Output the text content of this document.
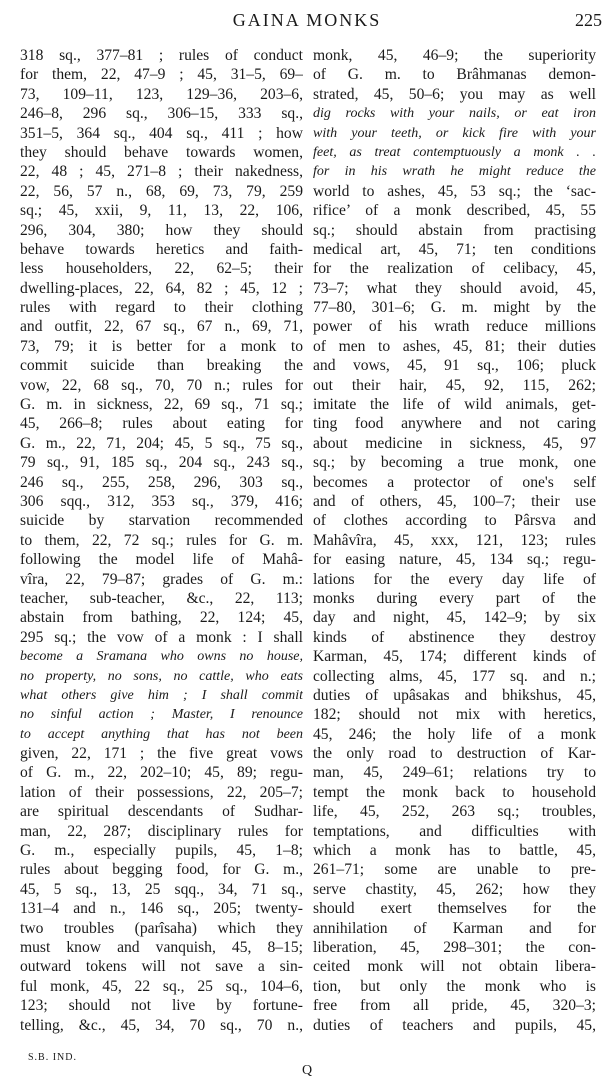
GAINA MONKS	225
318 sq., 377–81 ; rules of conduct
for them, 22, 47–9 ; 45, 31–5, 69–
73, 109–11, 123, 129–36, 203–6,
246–8, 296 sq., 306–15, 333 sq.,
351–5, 364 sq., 404 sq., 411 ; how
they should behave towards women,
22, 48 ; 45, 271–8 ; their nakedness,
22, 56, 57 n., 68, 69, 73, 79, 259
sq.; 45, xxii, 9, 11, 13, 22, 106,
296, 304, 380; how they should
behave towards heretics and faith-
less householders, 22, 62–5; their
dwelling-places, 22, 64, 82 ; 45, 12 ;
rules with regard to their clothing
and outfit, 22, 67 sq., 67 n., 69, 71,
73, 79; it is better for a monk to
commit suicide than breaking the
vow, 22, 68 sq., 70, 70 n.; rules for
G. m. in sickness, 22, 69 sq., 71 sq.;
45, 266–8; rules about eating for
G. m., 22, 71, 204; 45, 5 sq., 75 sq.,
79 sq., 91, 185 sq., 204 sq., 243 sq.,
246 sq., 255, 258, 296, 303 sq.,
306 sqq., 312, 353 sq., 379, 416;
suicide by starvation recommended
to them, 22, 72 sq.; rules for G. m.
following the model life of Mahâ-
vîra, 22, 79–87; grades of G. m.:
teacher, sub-teacher, &c., 22, 113;
abstain from bathing, 22, 124; 45,
295 sq.; the vow of a monk : I shall
become a Sramana who owns no house,
no property, no sons, no cattle, who eats
what others give him ; I shall commit
no sinful action ; Master, I renounce
to accept anything that has not been
given, 22, 171 ; the five great vows
of G. m., 22, 202–10; 45, 89; regu-
lation of their possessions, 22, 205–7;
are spiritual descendants of Sudhar-
man, 22, 287; disciplinary rules for
G. m., especially pupils, 45, 1–8;
rules about begging food, for G. m.,
45, 5 sq., 13, 25 sqq., 34, 71 sq.,
131–4 and n., 146 sq., 205; twenty-
two troubles (parîsaha) which they
must know and vanquish, 45, 8–15;
outward tokens will not save a sin-
ful monk, 45, 22 sq., 25 sq., 104–6,
123; should not live by fortune-
telling, &c., 45, 34, 70 sq., 70 n.,
monk, 45, 46–9; the superiority
of G. m. to Brâhmanas demon-
strated, 45, 50–6; you may as well
dig rocks with your nails, or eat iron
with your teeth, or kick fire with your
feet, as treat contemptuously a monk . .
for in his wrath he might reduce the
world to ashes, 45, 53 sq.; the ‘sac-
rifice’ of a monk described, 45, 55
sq.; should abstain from practising
medical art, 45, 71; ten conditions
for the realization of celibacy, 45,
73–7; what they should avoid, 45,
77–80, 301–6; G. m. might by the
power of his wrath reduce millions
of men to ashes, 45, 81; their duties
and vows, 45, 91 sq., 106; pluck
out their hair, 45, 92, 115, 262;
imitate the life of wild animals, get-
ting food anywhere and not caring
about medicine in sickness, 45, 97
sq.; by becoming a true monk, one
becomes a protector of one's self
and of others, 45, 100–7; their use
of clothes according to Pârsva and
Mahâvîra, 45, xxx, 121, 123; rules
for easing nature, 45, 134 sq.; regu-
lations for the every day life of
monks during every part of the
day and night, 45, 142–9; by six
kinds of abstinence they destroy
Karman, 45, 174; different kinds of
collecting alms, 45, 177 sq. and n.;
duties of upâsakas and bhikshus, 45,
182; should not mix with heretics,
45, 246; the holy life of a monk
the only road to destruction of Kar-
man, 45, 249–61; relations try to
tempt the monk back to household
life, 45, 252, 263 sq.; troubles,
temptations, and difficulties with
which a monk has to battle, 45,
261–71; some are unable to pre-
serve chastity, 45, 262; how they
should exert themselves for the
annihilation of Karman and for
liberation, 45, 298–301; the con-
ceited monk will not obtain libera-
tion, but only the monk who is
free from all pride, 45, 320–3;
duties of teachers and pupils, 45,
S.B. IND.
Q
